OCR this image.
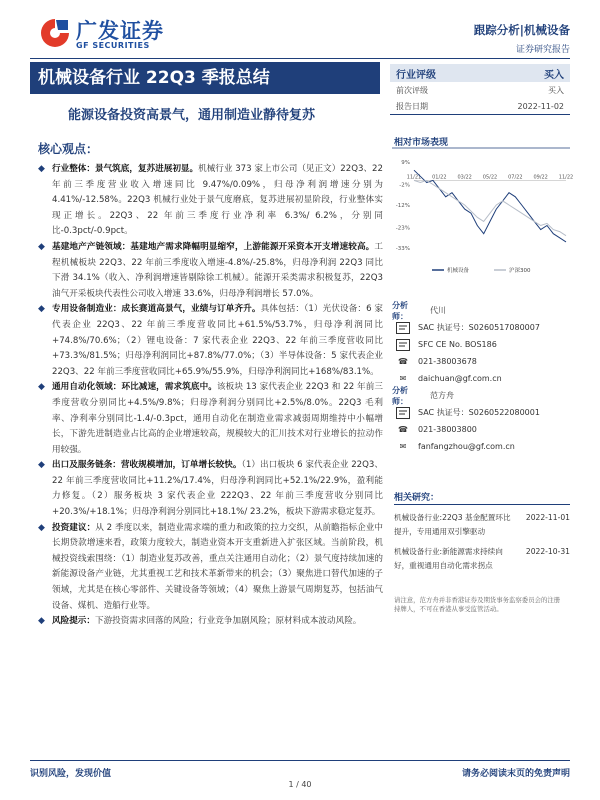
广发证券
GF SECURITIES
跟踪分析|机械设备
证券研究报告
机械设备行业 22Q3 季报总结
能源设备投资高景气，通用制造业静待复苏
核心观点：
行业评级	买入
前次评级	买入
报告日期	2022-11-02
相对市场表现
9%
-2%
-12%
-23%
-33%
11/21 01/22 03/22 05/22 07/22 09/22 11/22
机械设备	沪深300
◆ 行业整体：景气筑底，复苏进展初显。机械行业 373 家上市公司（见正文）22Q3、22 年前三季度营业收入增速同比 9.47%/0.09%，归母净利润增速分别为 4.41%/-12.58%。22Q3 机械行业处于景气度磨底，复苏进展初显阶段，行业整体实现正增长。22Q3、22 年前三季度行业净利率 6.3%/ 6.2%，分别同比-0.3pct/-0.9pct。
◆ 基建地产产链领域：基建地产需求降幅明显缩窄，上游能源开采资本开支增速较高。工程机械板块 22Q3、22 年前三季度收入增速-4.8%/-25.8%，归母净利润 22Q3 同比下滑 34.1%（收入、净利润增速皆剔除徐工机械）。能源开采类需求积极复苏，22Q3 油气开采板块代表性公司收入增速 33.6%，归母净利润增长 57.0%。
◆ 专用设备制造业：成长赛道高景气，业绩与订单齐升。具体包括：（1）光伏设备：6 家代表企业 22Q3、22 年前三季度营收同比+61.5%/53.7%，归母净利润同比+74.8%/70.6%；（2）锂电设备：7 家代表企业 22Q3、22 年前三季度营收同比+73.3%/81.5%；归母净利润同比+87.8%/77.0%；（3）半导体设备：5 家代表企业 22Q3、22 年前三季度营收同比+65.9%/55.9%，归母净利润同比+168%/83.1%。
◆ 通用自动化领域：环比减速，需求筑底中。该板块 13 家代表企业 22Q3 和 22 年前三季度营收分别同比+4.5%/9.8%；归母净利润分别同比+2.5%/8.0%。22Q3 毛利率、净利率分别同比-1.4/-0.3pct，通用自动化在制造业需求减弱周期维持中小幅增长，下游先进制造业占比高的企业增速较高，规模较大的汇川技术对行业增长的拉动作用较强。
◆ 出口及服务链条：营收规模增加，订单增长较快。（1）出口板块 6 家代表企业 22Q3、22 年前三季度营收同比+11.2%/17.4%，归母净利润同比+52.1%/22.9%，盈利能力修复。（2）服务板块 3 家代表企业 222Q3、22 年前三季度营收分别同比+20.3%/+18.1%；归母净利润分别同比+18.1%/ 23.2%，板块下游需求稳定复苏。
◆ 投资建议：从 2 季度以来，制造业需求端的重力和政策的拉力交织，从前瞻指标企业中长期贷款增速来看，政策力度较大，制造业资本开支重新进入扩张区域。当前阶段，机械投资线索围绕：（1）制造业复苏改善，重点关注通用自动化；（2）景气度持续加速的新能源设备产业链，尤其重视工艺和技术革新带来的机会；（3）聚焦进口替代加速的子领域，尤其是在核心零部件、关键设备等领域；（4）聚焦上游景气周期复苏，包括油气设备、煤机、造船行业等。
◆ 风险提示：下游投资需求回落的风险；行业竞争加剧风险；原材料成本波动风险。
分析师：
代川
SAC 执证号：S0260517080007
SFC CE No. BOS186
☎	021-38003678
✉	daichuan@gf.com.cn
分析师：
范方舟
SAC 执证号：S0260522080001
☎	021-38003800
✉	fanfangzhou@gf.com.cn
请注意，范方舟并非香港证券及期货事务监察委员会的注册持牌人，不可在香港从事受监管活动。
相关研究：
机械设备行业:22Q3 基金配置环比提升，专用通用双引擎驱动
2022-11-01
机械设备行业:新能源需求持续向好，重视通用自动化需求拐点
2022-10-31
识别风险，发现价值	请务必阅读末页的免责声明
1 / 40
